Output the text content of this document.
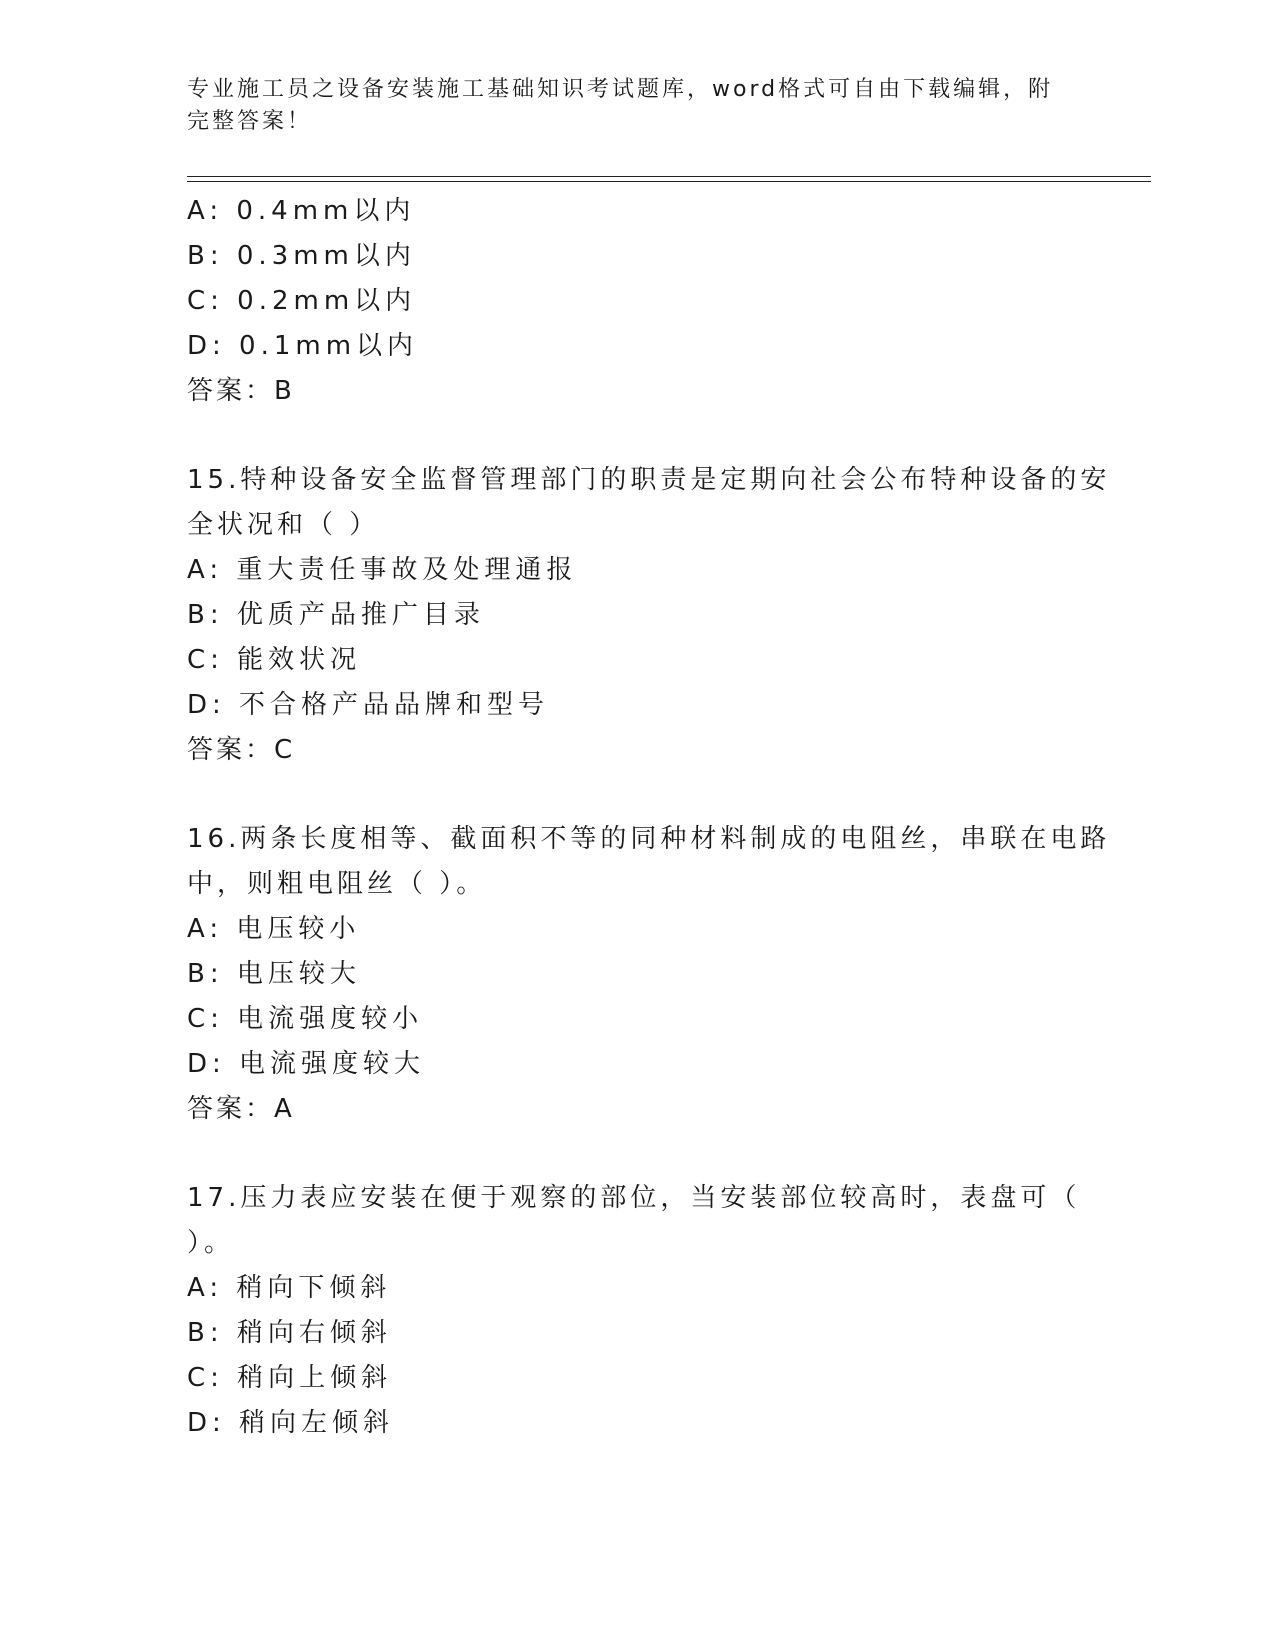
专业施工员之设备安装施工基础知识考试题库，word格式可自由下载编辑，附完整答案！
A: 0.4mm以内
B: 0.3mm以内
C: 0.2mm以内
D: 0.1mm以内
答案：B
15.特种设备安全监督管理部门的职责是定期向社会公布特种设备的安
全状况和（ ）
A: 重大责任事故及处理通报
B: 优质产品推广目录
C: 能效状况
D: 不合格产品品牌和型号
答案：C
16.两条长度相等、截面积不等的同种材料制成的电阻丝，串联在电路
中，则粗电阻丝（ ）。
A: 电压较小
B: 电压较大
C: 电流强度较小
D: 电流强度较大
答案：A
17.压力表应安装在便于观察的部位，当安装部位较高时，表盘可（
）。
A: 稍向下倾斜
B: 稍向右倾斜
C: 稍向上倾斜
D: 稍向左倾斜
